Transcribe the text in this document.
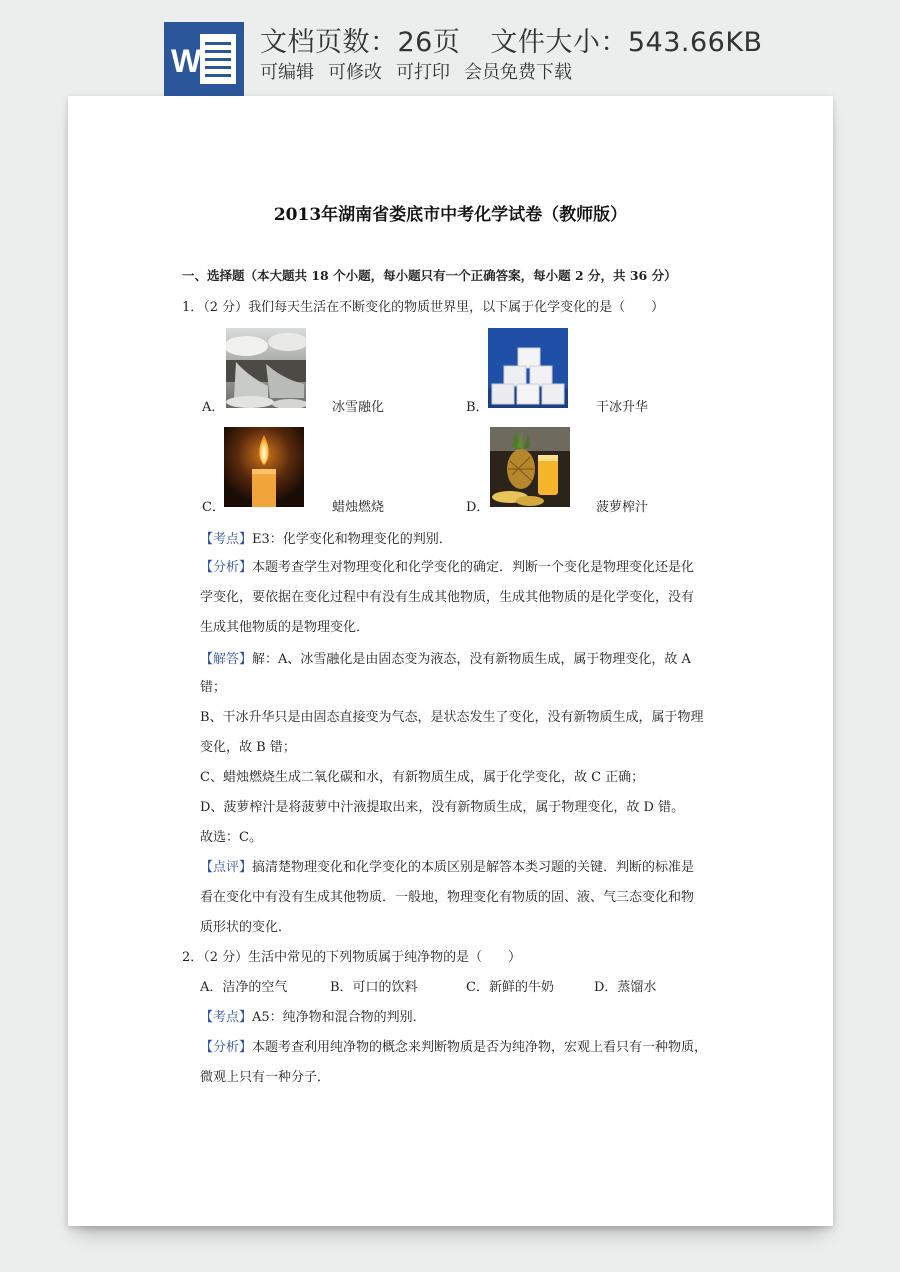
W
文档页数：26页 文件大小：543.66KB
可编辑 可修改 可打印 会员免费下载
2013年湖南省娄底市中考化学试卷（教师版）
一、选择题（本大题共 18 个小题，每小题只有一个正确答案，每小题 2 分，共 36 分）
1．（2 分）我们每天生活在不断变化的物质世界里，以下属于化学变化的是（　　）
A．	冰雪融化	B．	干冰升华
C．	蜡烛燃烧	D．	菠萝榨汁
【考点】E3：化学变化和物理变化的判别．
【分析】本题考查学生对物理变化和化学变化的确定．判断一个变化是物理变化还是化
学变化，要依据在变化过程中有没有生成其他物质，生成其他物质的是化学变化，没有
生成其他物质的是物理变化．
【解答】解：A、冰雪融化是由固态变为液态，没有新物质生成，属于物理变化，故 A
错；
B、干冰升华只是由固态直接变为气态，是状态发生了变化，没有新物质生成，属于物理
变化，故 B 错；
C、蜡烛燃烧生成二氧化碳和水，有新物质生成，属于化学变化，故 C 正确；
D、菠萝榨汁是将菠萝中汁液提取出来，没有新物质生成，属于物理变化，故 D 错。
故选：C。
【点评】搞清楚物理变化和化学变化的本质区别是解答本类习题的关键．判断的标准是
看在变化中有没有生成其他物质．一般地，物理变化有物质的固、液、气三态变化和物
质形状的变化．
2．（2 分）生活中常见的下列物质属于纯净物的是（　　）
A．洁净的空气	B．可口的饮料	C．新鲜的牛奶	D．蒸馏水
【考点】A5：纯净物和混合物的判别．
【分析】本题考查利用纯净物的概念来判断物质是否为纯净物，宏观上看只有一种物质，
微观上只有一种分子．
